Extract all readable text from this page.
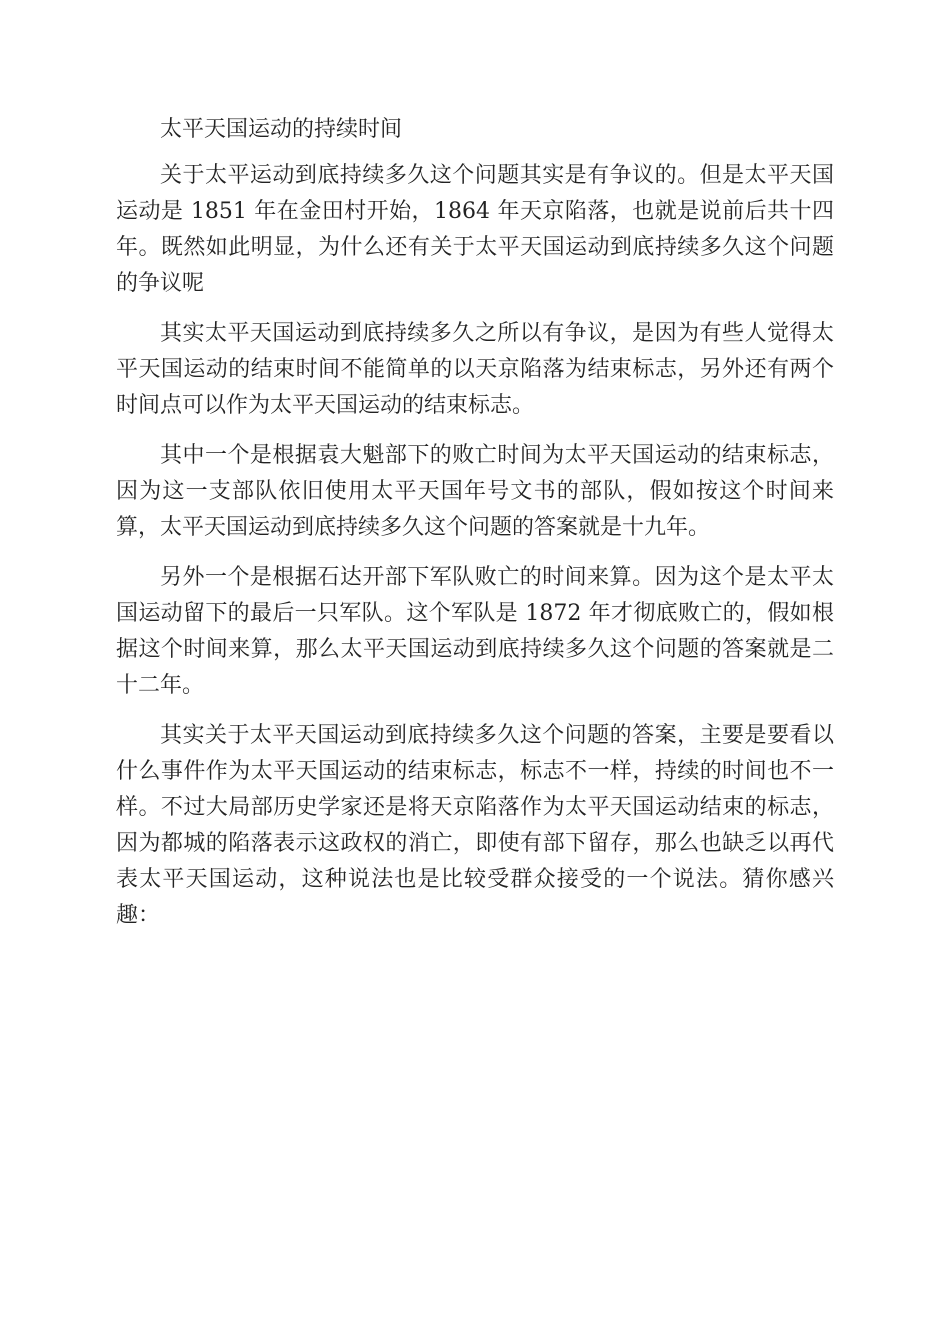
太平天国运动的持续时间

关于太平运动到底持续多久这个问题其实是有争议的。但是太平天国运动是 1851 年在金田村开始，1864 年天京陷落，也就是说前后共十四年。既然如此明显，为什么还有关于太平天国运动到底持续多久这个问题的争议呢

其实太平天国运动到底持续多久之所以有争议，是因为有些人觉得太平天国运动的结束时间不能简单的以天京陷落为结束标志，另外还有两个时间点可以作为太平天国运动的结束标志。

其中一个是根据袁大魁部下的败亡时间为太平天国运动的结束标志，因为这一支部队依旧使用太平天国年号文书的部队，假如按这个时间来算，太平天国运动到底持续多久这个问题的答案就是十九年。

另外一个是根据石达开部下军队败亡的时间来算。因为这个是太平太国运动留下的最后一只军队。这个军队是 1872 年才彻底败亡的，假如根据这个时间来算，那么太平天国运动到底持续多久这个问题的答案就是二十二年。

其实关于太平天国运动到底持续多久这个问题的答案，主要是要看以什么事件作为太平天国运动的结束标志，标志不一样，持续的时间也不一样。不过大局部历史学家还是将天京陷落作为太平天国运动结束的标志，因为都城的陷落表示这政权的消亡，即使有部下留存，那么也缺乏以再代表太平天国运动，这种说法也是比较受群众接受的一个说法。猜你感兴趣：
